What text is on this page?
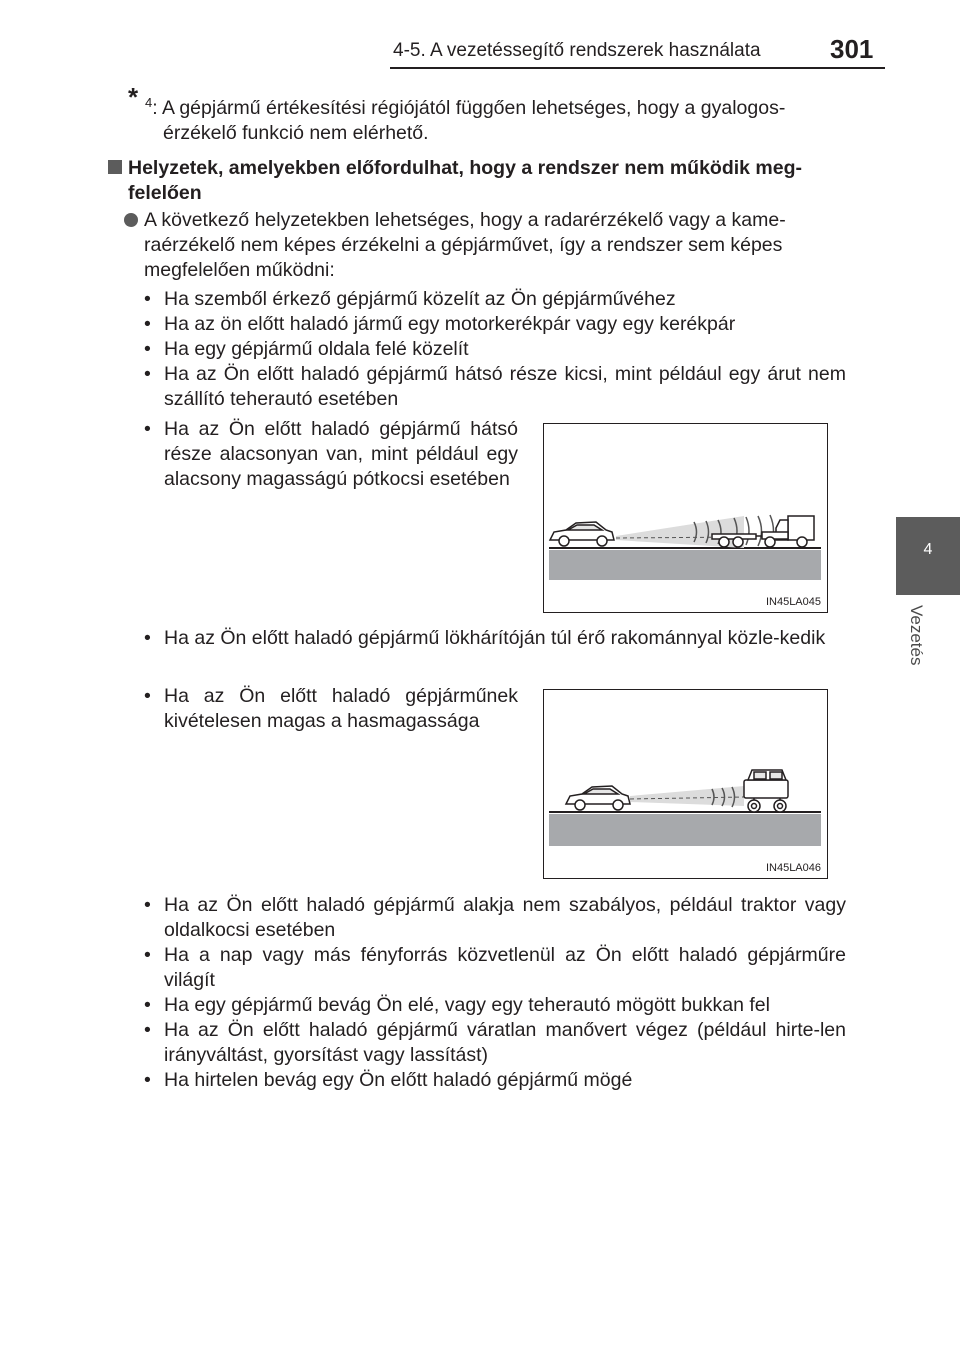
4-5. A vezetéssegítő rendszerek használata	301
4
Vezetés
* $^4$: A gépjármű értékesítési régiójától függően lehetséges, hogy a gyalogos-
érzékelő funkció nem elérhető.
Helyzetek, amelyekben előfordulhat, hogy a rendszer nem működik meg-
felelően
A következő helyzetekben lehetséges, hogy a radarérzékelő vagy a kame-
raérzékelő nem képes érzékelni a gépjárművet, így a rendszer sem képes
megfelelően működni:
• Ha szemből érkező gépjármű közelít az Ön gépjárművéhez
• Ha az ön előtt haladó jármű egy motorkerékpár vagy egy kerékpár
• Ha egy gépjármű oldala felé közelít
• Ha az Ön előtt haladó gépjármű hátsó része kicsi, mint például egy árut nem szállító teherautó esetében
• Ha az Ön előtt haladó gépjármű hátsó része alacsonyan van, mint például egy alacsony magasságú pótkocsi esetében
IN45LA045
• Ha az Ön előtt haladó gépjármű lökhárítóján túl érő rakománnyal közle-kedik
• Ha az Ön előtt haladó gépjárműnek kivételesen magas a hasmagassága
IN45LA046
• Ha az Ön előtt haladó gépjármű alakja nem szabályos, például traktor vagy oldalkocsi esetében
• Ha a nap vagy más fényforrás közvetlenül az Ön előtt haladó gépjárműre világít
• Ha egy gépjármű bevág Ön elé, vagy egy teherautó mögött bukkan fel
• Ha az Ön előtt haladó gépjármű váratlan manővert végez (például hirte-len irányváltást, gyorsítást vagy lassítást)
• Ha hirtelen bevág egy Ön előtt haladó gépjármű mögé
